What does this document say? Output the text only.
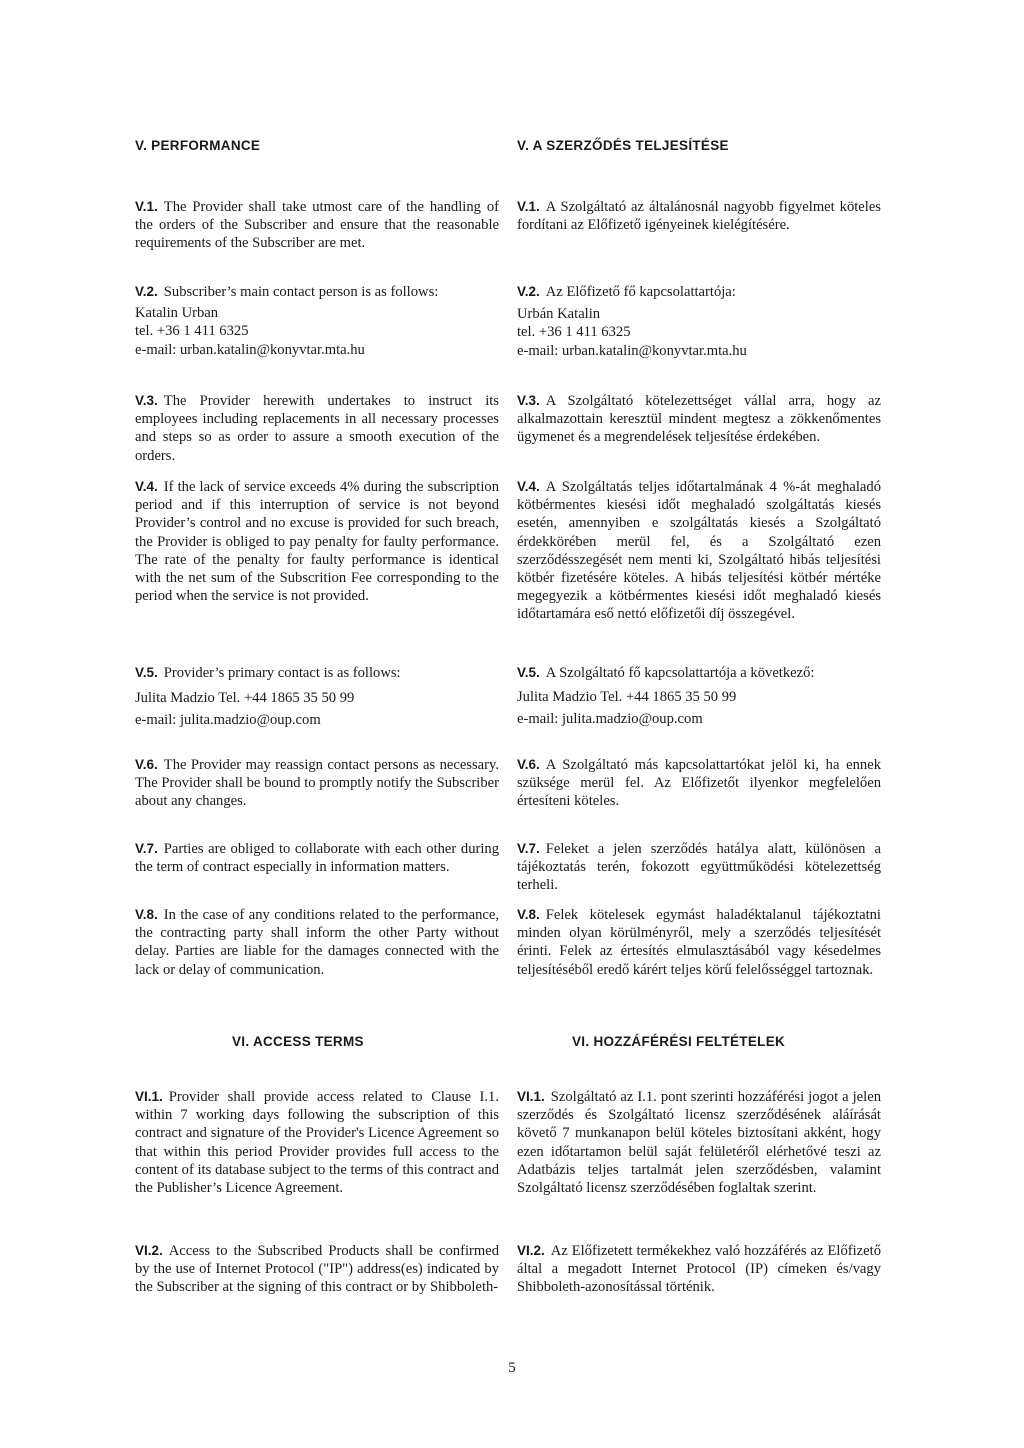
V. PERFORMANCE	V. A SZERZŐDÉS TELJESÍTÉSE

V.1. The Provider shall take utmost care of the handling of the orders of the Subscriber and ensure that the reasonable requirements of the Subscriber are met.

V.1. A Szolgáltató az általánosnál nagyobb figyelmet köteles fordítani az Előfizető igényeinek kielégítésére.

V.2. Subscriber’s main contact person is as follows:

Katalin Urban
tel. +36 1 411 6325
e-mail: urban.katalin@konyvtar.mta.hu

V.2. Az Előfizető fő kapcsolattartója:

Urbán Katalin
tel. +36 1 411 6325
e-mail: urban.katalin@konyvtar.mta.hu

V.3. The Provider herewith undertakes to instruct its employees including replacements in all necessary processes and steps so as order to assure a smooth execution of the orders.

V.3. A Szolgáltató kötelezettséget vállal arra, hogy az alkalmazottain keresztül mindent megtesz a zökkenőmentes ügymenet és a megrendelések teljesítése érdekében.

V.4. If the lack of service exceeds 4% during the subscription period and if this interruption of service is not beyond Provider’s control and no excuse is provided for such breach, the Provider is obliged to pay penalty for faulty performance. The rate of the penalty for faulty performance is identical with the net sum of the Subscrition Fee corresponding to the period when the service is not provided.

V.4. A Szolgáltatás teljes időtartalmának 4 %-át meghaladó kötbérmentes kiesési időt meghaladó szolgáltatás kiesés esetén, amennyiben e szolgáltatás kiesés a Szolgáltató érdekkörében merül fel, és a Szolgáltató ezen szerződésszegését nem menti ki, Szolgáltató hibás teljesítési kötbér fizetésére köteles. A hibás teljesítési kötbér mértéke megegyezik a kötbérmentes kiesési időt meghaladó kiesés időtartamára eső nettó előfizetői díj összegével.

V.5. Provider’s primary contact is as follows:

Julita Madzio Tel. +44 1865 35 50 99
e-mail: julita.madzio@oup.com

V.5. A Szolgáltató fő kapcsolattartója a következő:

Julita Madzio Tel. +44 1865 35 50 99
e-mail: julita.madzio@oup.com

V.6. The Provider may reassign contact persons as necessary. The Provider shall be bound to promptly notify the Subscriber about any changes.

V.6. A Szolgáltató más kapcsolattartókat jelöl ki, ha ennek szüksége merül fel. Az Előfizetőt ilyenkor megfelelően értesíteni köteles.

V.7. Parties are obliged to collaborate with each other during the term of contract especially in information matters.

V.7. Feleket a jelen szerződés hatálya alatt, különösen a tájékoztatás terén, fokozott együttműködési kötelezettség terheli.

V.8. In the case of any conditions related to the performance, the contracting party shall inform the other Party without delay. Parties are liable for the damages connected with the lack or delay of communication.

V.8. Felek kötelesek egymást haladéktalanul tájékoztatni minden olyan körülményről, mely a szerződés teljesítését érinti. Felek az értesítés elmulasztásából vagy késedelmes teljesítéséből eredő kárért teljes körű felelősséggel tartoznak.

VI. ACCESS TERMS	VI. HOZZÁFÉRÉSI FELTÉTELEK

VI.1. Provider shall provide access related to Clause I.1. within 7 working days following the subscription of this contract and signature of the Provider's Licence Agreement so that within this period Provider provides full access to the content of its database subject to the terms of this contract and the Publisher’s Licence Agreement.

VI.1. Szolgáltató az I.1. pont szerinti hozzáférési jogot a jelen szerződés és Szolgáltató licensz szerződésének aláírását követő 7 munkanapon belül köteles biztosítani akként, hogy ezen időtartamon belül saját felületéről elérhetővé teszi az Adatbázis teljes tartalmát jelen szerződésben, valamint Szolgáltató licensz szerződésében foglaltak szerint.

VI.2. Access to the Subscribed Products shall be confirmed by the use of Internet Protocol ("IP") address(es) indicated by the Subscriber at the signing of this contract or by Shibboleth-

VI.2. Az Előfizetett termékekhez való hozzáférés az Előfizető által a megadott Internet Protocol (IP) címeken és/vagy Shibboleth-azonosítással történik.

5
